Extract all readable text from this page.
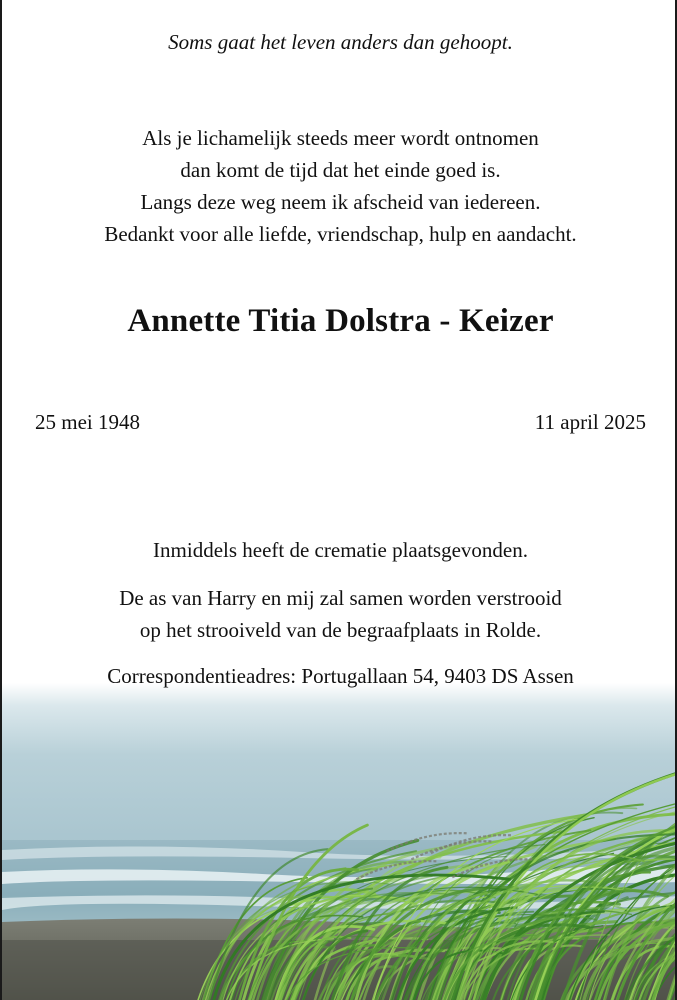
Soms gaat het leven anders dan gehoopt.

Als je lichamelijk steeds meer wordt ontnomen

dan komt de tijd dat het einde goed is.

Langs deze weg neem ik afscheid van iedereen.

Bedankt voor alle liefde, vriendschap, hulp en aandacht.

Annette Titia Dolstra - Keizer
25 mei 1948	11 april 2025

Inmiddels heeft de crematie plaatsgevonden.

De as van Harry en mij zal samen worden verstrooid

op het strooiveld van de begraafplaats in Rolde.

Correspondentieadres: Portugallaan 54, 9403 DS Assen
